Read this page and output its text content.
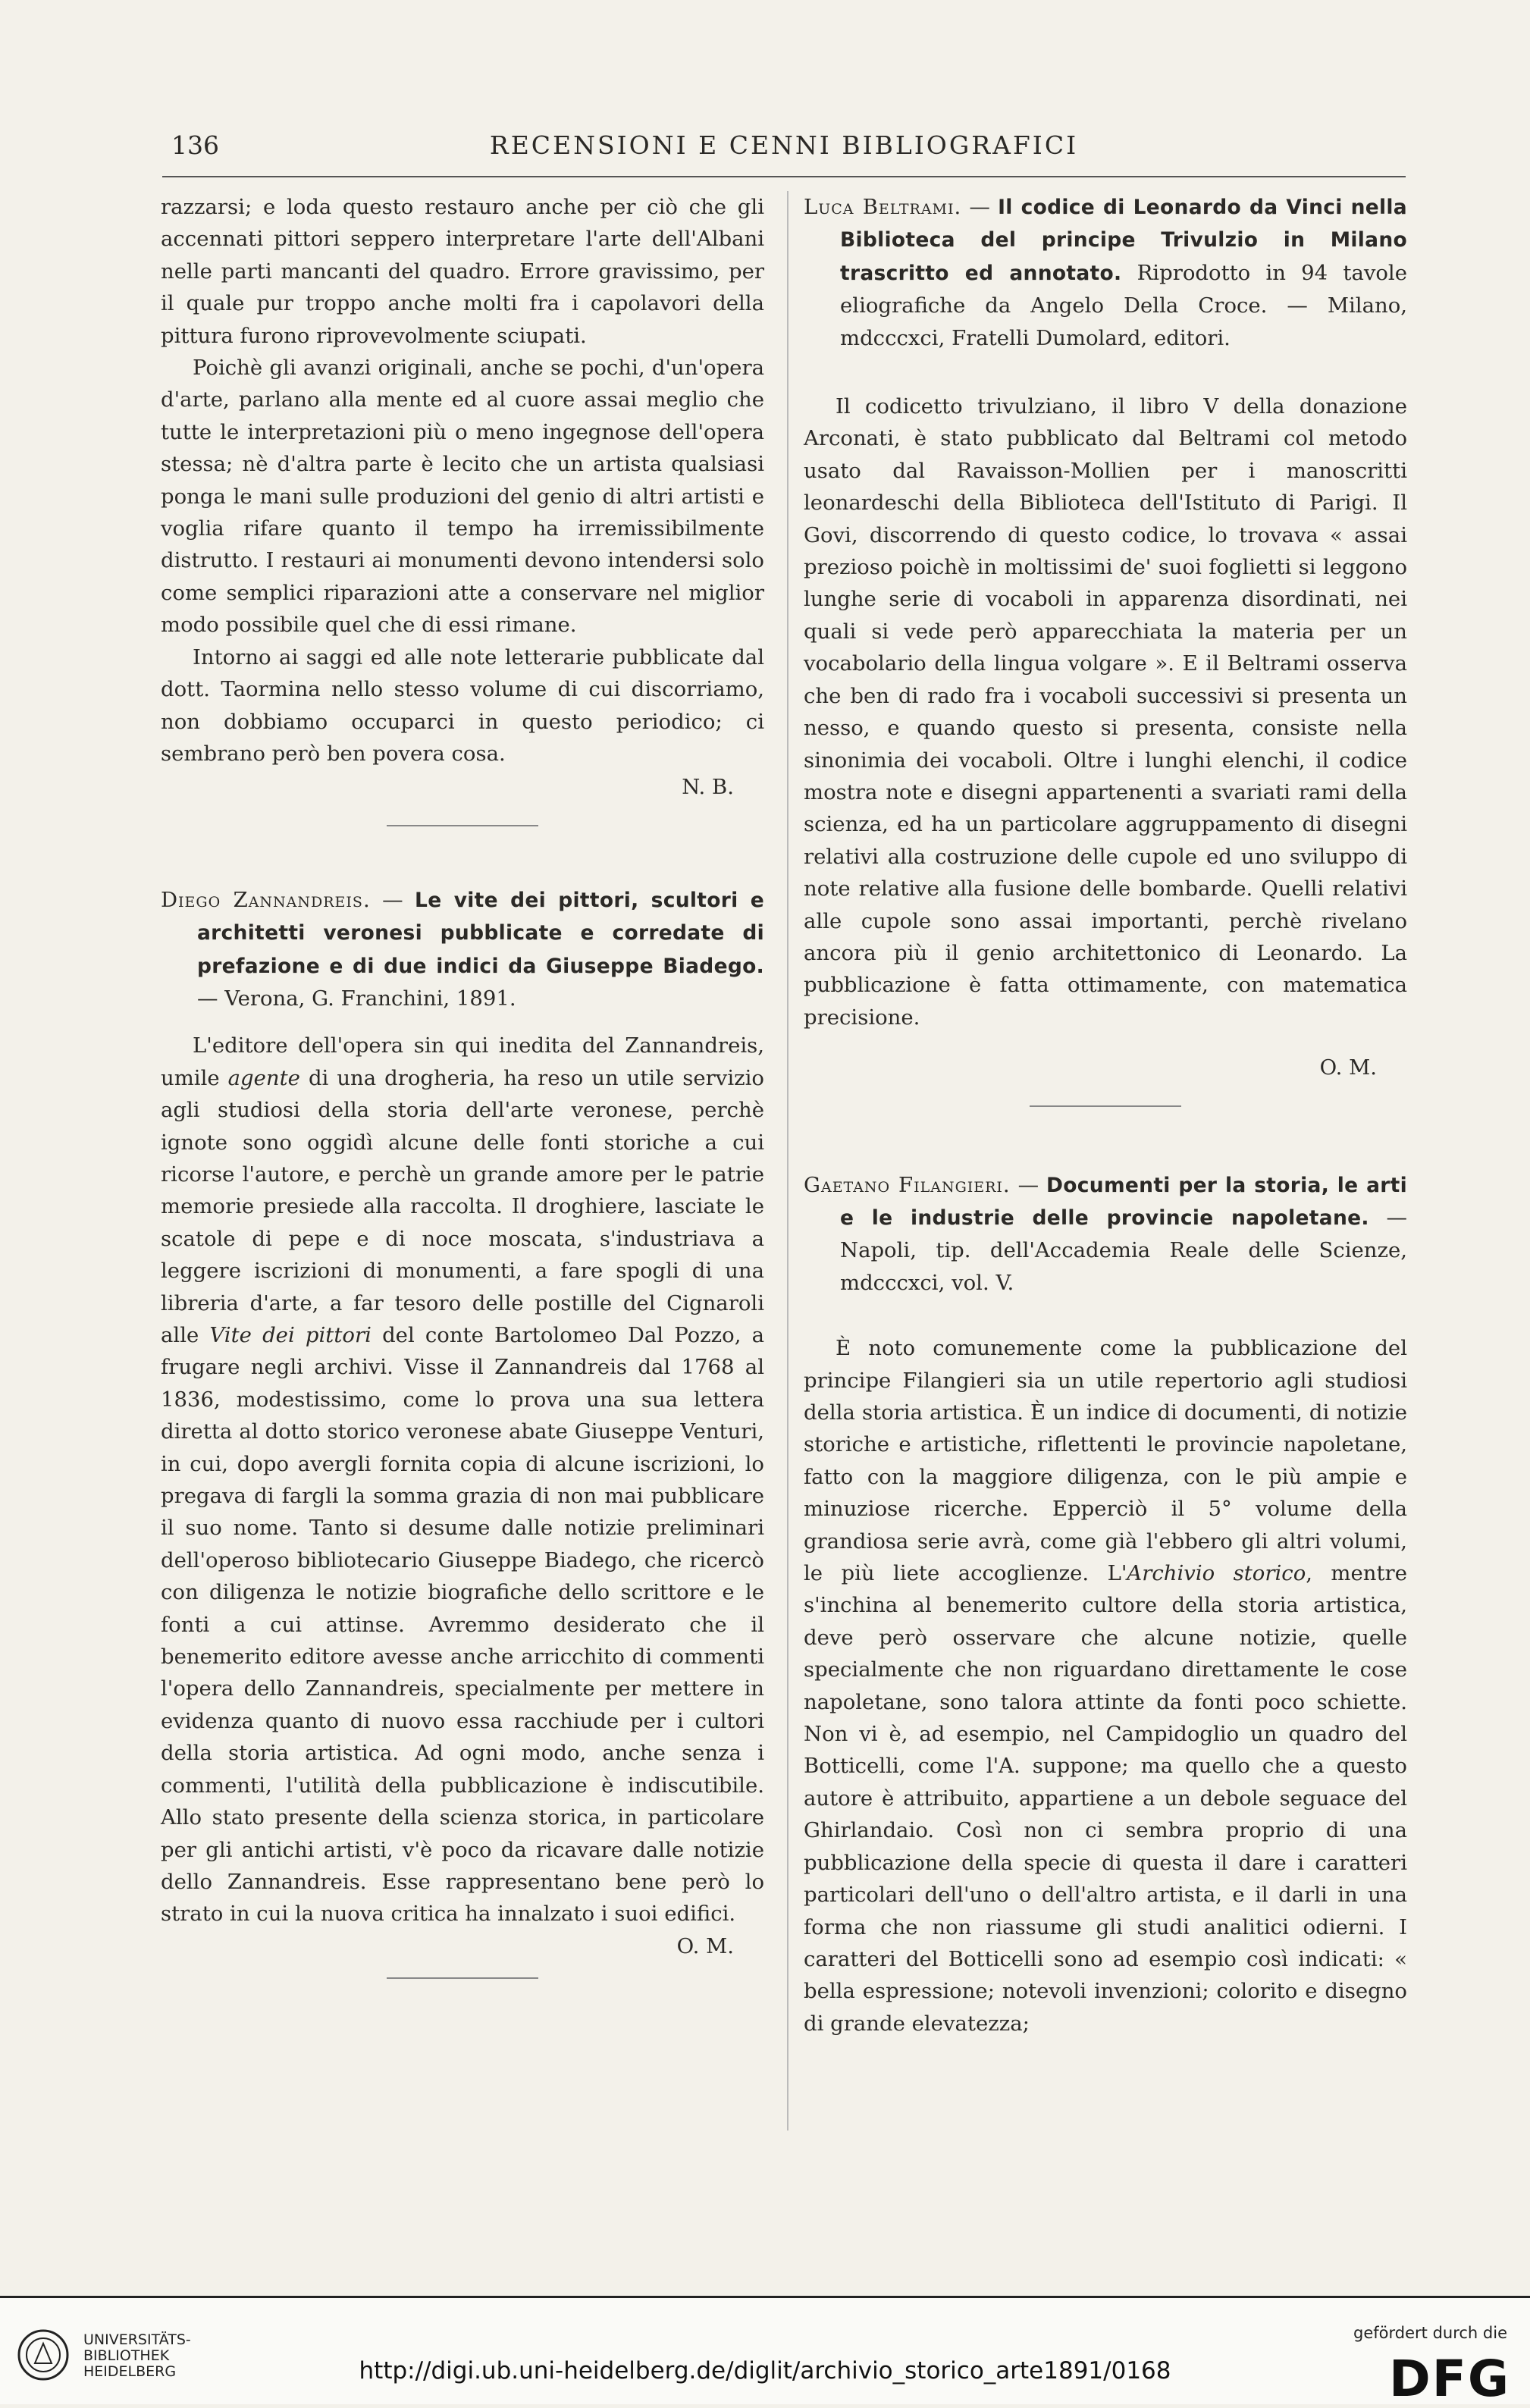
136	RECENSIONI E CENNI BIBLIOGRAFICI

razzarsi; e loda questo restauro anche per ciò che gli accennati pittori seppero interpretare l'arte dell'Albani nelle parti mancanti del quadro. Errore gravissimo, per il quale pur troppo anche molti fra i capolavori della pittura furono riprovevolmente sciupati.

Poichè gli avanzi originali, anche se pochi, d'un'opera d'arte, parlano alla mente ed al cuore assai meglio che tutte le interpretazioni più o meno ingegnose dell'opera stessa; nè d'altra parte è lecito che un artista qualsiasi ponga le mani sulle produzioni del genio di altri artisti e voglia rifare quanto il tempo ha irremissibilmente distrutto. I restauri ai monumenti devono intendersi solo come semplici riparazioni atte a conservare nel miglior modo possibile quel che di essi rimane.

Intorno ai saggi ed alle note letterarie pubblicate dal dott. Taormina nello stesso volume di cui discorriamo, non dobbiamo occuparci in questo periodico; ci sembrano però ben povera cosa.

N. B.

Diego Zannandreis. — Le vite dei pittori, scultori e architetti veronesi pubblicate e corredate di prefazione e di due indici da Giuseppe Biadego. — Verona, G. Franchini, 1891.

L'editore dell'opera sin qui inedita del Zannandreis, umile agente di una drogheria, ha reso un utile servizio agli studiosi della storia dell'arte veronese, perchè ignote sono oggidì alcune delle fonti storiche a cui ricorse l'autore, e perchè un grande amore per le patrie memorie presiede alla raccolta. Il droghiere, lasciate le scatole di pepe e di noce moscata, s'industriava a leggere iscrizioni di monumenti, a fare spogli di una libreria d'arte, a far tesoro delle postille del Cignaroli alle Vite dei pittori del conte Bartolomeo Dal Pozzo, a frugare negli archivi. Visse il Zannandreis dal 1768 al 1836, modestissimo, come lo prova una sua lettera diretta al dotto storico veronese abate Giuseppe Venturi, in cui, dopo avergli fornita copia di alcune iscrizioni, lo pregava di fargli la somma grazia di non mai pubblicare il suo nome. Tanto si desume dalle notizie preliminari dell'operoso bibliotecario Giuseppe Biadego, che ricercò con diligenza le notizie biografiche dello scrittore e le fonti a cui attinse. Avremmo desiderato che il benemerito editore avesse anche arricchito di commenti l'opera dello Zannandreis, specialmente per mettere in evidenza quanto di nuovo essa racchiude per i cultori della storia artistica. Ad ogni modo, anche senza i commenti, l'utilità della pubblicazione è indiscutibile. Allo stato presente della scienza storica, in particolare per gli antichi artisti, v'è poco da ricavare dalle notizie dello Zannandreis. Esse rappresentano bene però lo strato in cui la nuova critica ha innalzato i suoi edifici.

O. M.

Luca Beltrami. — Il codice di Leonardo da Vinci nella Biblioteca del principe Trivulzio in Milano trascritto ed annotato. Riprodotto in 94 tavole eliografiche da Angelo Della Croce. — Milano, mdcccxci, Fratelli Dumolard, editori.

Il codicetto trivulziano, il libro V della donazione Arconati, è stato pubblicato dal Beltrami col metodo usato dal Ravaisson-Mollien per i manoscritti leonardeschi della Biblioteca dell'Istituto di Parigi. Il Govi, discorrendo di questo codice, lo trovava « assai prezioso poichè in moltissimi de' suoi foglietti si leggono lunghe serie di vocaboli in apparenza disordinati, nei quali si vede però apparecchiata la materia per un vocabolario della lingua volgare ». E il Beltrami osserva che ben di rado fra i vocaboli successivi si presenta un nesso, e quando questo si presenta, consiste nella sinonimia dei vocaboli. Oltre i lunghi elenchi, il codice mostra note e disegni appartenenti a svariati rami della scienza, ed ha un particolare aggruppamento di disegni relativi alla costruzione delle cupole ed uno sviluppo di note relative alla fusione delle bombarde. Quelli relativi alle cupole sono assai importanti, perchè rivelano ancora più il genio architettonico di Leonardo. La pubblicazione è fatta ottimamente, con matematica precisione.

O. M.

Gaetano Filangieri. — Documenti per la storia, le arti e le industrie delle provincie napoletane. — Napoli, tip. dell'Accademia Reale delle Scienze, mdcccxci, vol. V.

È noto comunemente come la pubblicazione del principe Filangieri sia un utile repertorio agli studiosi della storia artistica. È un indice di documenti, di notizie storiche e artistiche, riflettenti le provincie napoletane, fatto con la maggiore diligenza, con le più ampie e minuziose ricerche. Epperciò il 5° volume della grandiosa serie avrà, come già l'ebbero gli altri volumi, le più liete accoglienze. L'Archivio storico, mentre s'inchina al benemerito cultore della storia artistica, deve però osservare che alcune notizie, quelle specialmente che non riguardano direttamente le cose napoletane, sono talora attinte da fonti poco schiette. Non vi è, ad esempio, nel Campidoglio un quadro del Botticelli, come l'A. suppone; ma quello che a questo autore è attribuito, appartiene a un debole seguace del Ghirlandaio. Così non ci sembra proprio di una pubblicazione della specie di questa il dare i caratteri particolari dell'uno o dell'altro artista, e il darli in una forma che non riassume gli studi analitici odierni. I caratteri del Botticelli sono ad esempio così indicati: « bella espressione; notevoli invenzioni; colorito e disegno di grande elevatezza;

UNIVERSITÄTS-
BIBLIOTHEK
HEIDELBERG	http://digi.ub.uni-heidelberg.de/diglit/archivio_storico_arte1891/0168
gefördert durch die
DFG
